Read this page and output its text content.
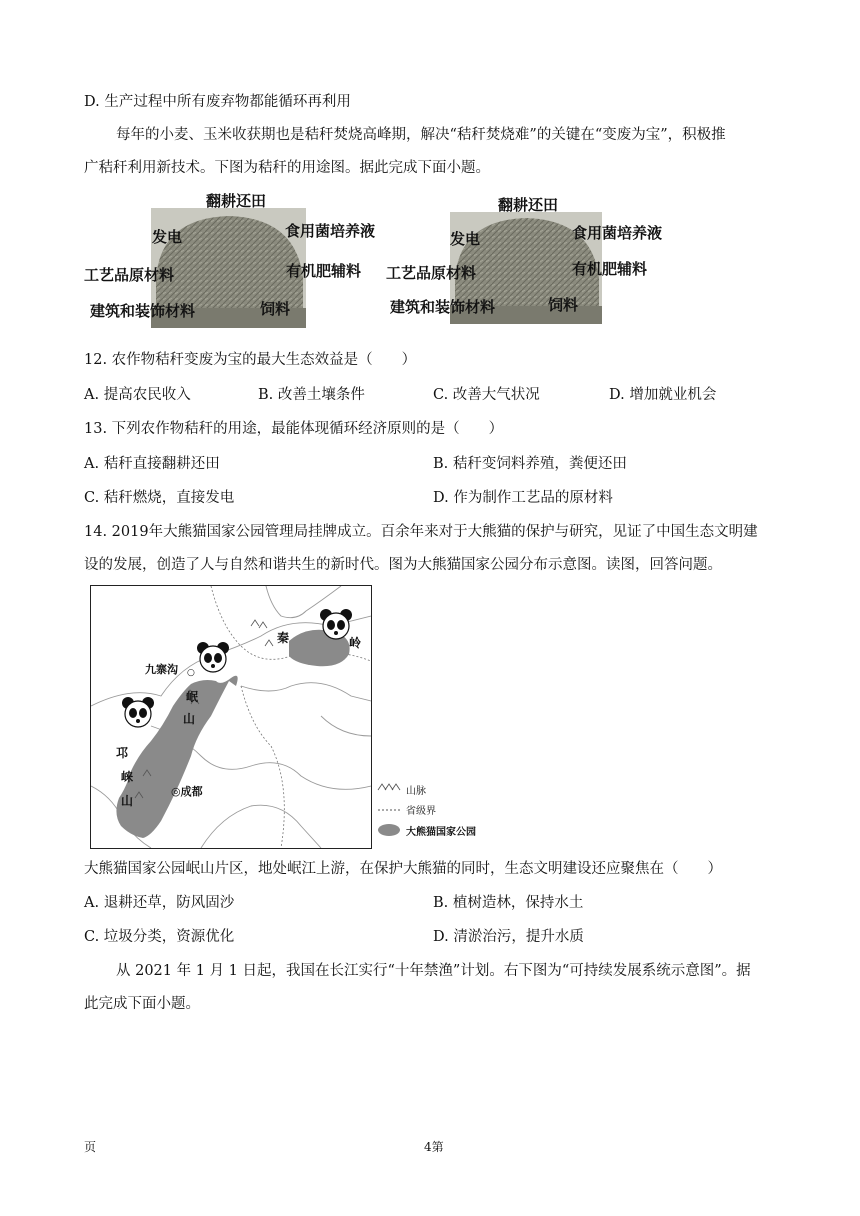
D. 生产过程中所有废弃物都能循环再利用
每年的小麦、玉米收获期也是秸秆焚烧高峰期，解决“秸秆焚烧难”的关键在“变废为宝”，积极推
广秸秆利用新技术。下图为秸秆的用途图。据此完成下面小题。
翻耕还田
发电	食用菌培养液
工艺品原材料	有机肥辅料
建筑和装饰材料	饲料
翻耕还田
发电	食用菌培养液
工艺品原材料	有机肥辅料
建筑和装饰材料	饲料
12. 农作物秸秆变废为宝的最大生态效益是（　　）
A. 提高农民收入	B. 改善土壤条件	C. 改善大气状况	D. 增加就业机会
13. 下列农作物秸秆的用途，最能体现循环经济原则的是（　　）
A. 秸秆直接翻耕还田	B. 秸秆变饲料养殖，粪便还田
C. 秸秆燃烧，直接发电	D. 作为制作工艺品的原材料
14. 2019年大熊猫国家公园管理局挂牌成立。百余年来对于大熊猫的保护与研究，见证了中国生态文明建
设的发展，创造了人与自然和谐共生的新时代。图为大熊猫国家公园分布示意图。读图，回答问题。
秦	岭
九寨沟 ○
岷
山
邛
崃
山
◎成都	山脉
省级界
大熊猫国家公园
大熊猫国家公园岷山片区，地处岷江上游，在保护大熊猫的同时，生态文明建设还应聚焦在（　　）
A. 退耕还草，防风固沙	B. 植树造林，保持水土
C. 垃圾分类，资源优化	D. 清淤治污，提升水质
从 2021 年 1 月 1 日起，我国在长江实行“十年禁渔”计划。右下图为“可持续发展系统示意图”。据
此完成下面小题。
页	4第
